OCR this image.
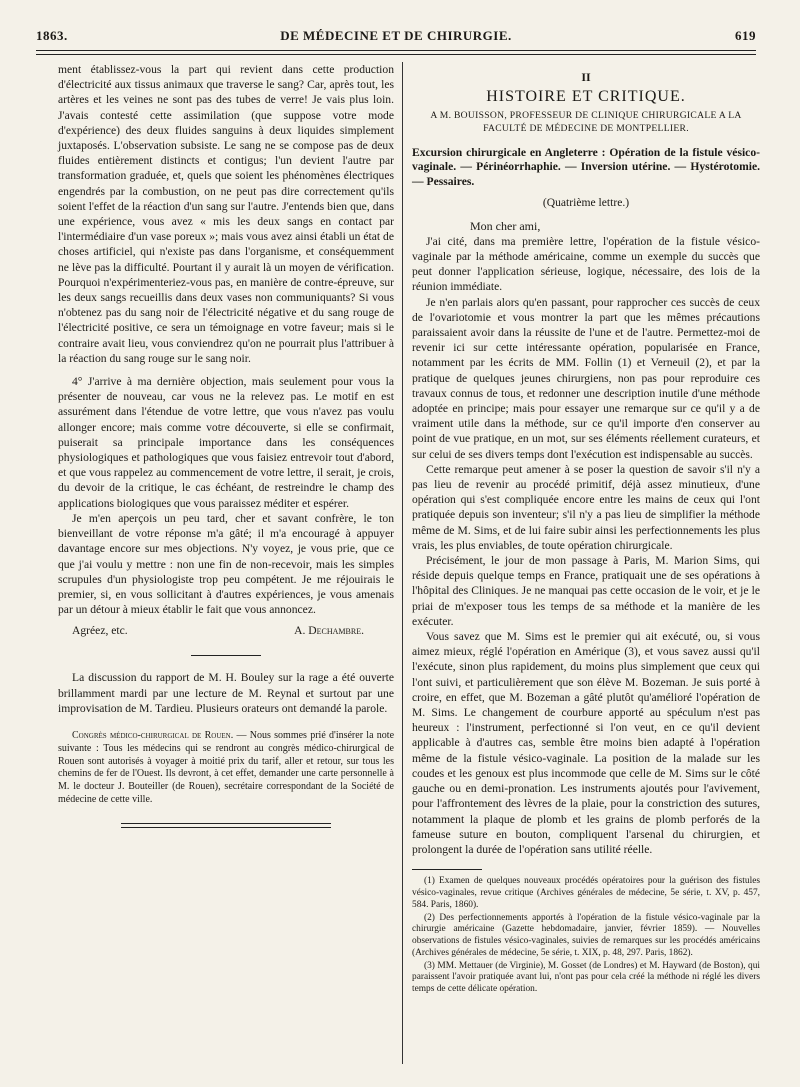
1863.	DE MÉDECINE ET DE CHIRURGIE.	619

ment établissez-vous la part qui revient dans cette production d'électricité aux tissus animaux que traverse le sang? Car, après tout, les artères et les veines ne sont pas des tubes de verre! Je vais plus loin. J'avais contesté cette assimilation (que suppose votre mode d'expérience) des deux fluides sanguins à deux liquides simplement juxtaposés. L'observation subsiste. Le sang ne se compose pas de deux fluides entièrement distincts et contigus; l'un devient l'autre par transformation graduée, et, quels que soient les phénomènes électriques engendrés par la combustion, on ne peut pas dire correctement qu'ils soient l'effet de la réaction d'un sang sur l'autre. J'entends bien que, dans une expérience, vous avez « mis les deux sangs en contact par l'intermédiaire d'un vase poreux »; mais vous avez ainsi établi un état de choses artificiel, qui n'existe pas dans l'organisme, et conséquemment ne lève pas la difficulté. Pourtant il y aurait là un moyen de vérification. Pourquoi n'expérimenteriez-vous pas, en manière de contre-épreuve, sur les deux sangs recueillis dans deux vases non communiquants? Si vous n'obtenez pas du sang noir de l'électricité négative et du sang rouge de l'électricité positive, ce sera un témoignage en votre faveur; mais si le contraire avait lieu, vous conviendrez qu'on ne pourrait plus l'attribuer à la réaction du sang rouge sur le sang noir.

4° J'arrive à ma dernière objection, mais seulement pour vous la présenter de nouveau, car vous ne la relevez pas. Le motif en est assurément dans l'étendue de votre lettre, que vous n'avez pas voulu allonger encore; mais comme votre découverte, si elle se confirmait, puiserait sa principale importance dans les conséquences physiologiques et pathologiques que vous faisiez entrevoir tout d'abord, et que vous rappelez au commencement de votre lettre, il serait, je crois, du devoir de la critique, le cas échéant, de restreindre le champ des applications biologiques que vous paraissez méditer et espérer.

Je m'en aperçois un peu tard, cher et savant confrère, le ton bienveillant de votre réponse m'a gâté; il m'a encouragé à appuyer davantage encore sur mes objections. N'y voyez, je vous prie, que ce que j'ai voulu y mettre : non une fin de non-recevoir, mais les simples scrupules d'un physiologiste trop peu compétent. Je me réjouirais le premier, si, en vous sollicitant à d'autres expériences, je vous amenais par un détour à mieux établir le fait que vous annoncez.

Agréez, etc.	A. Dechambre.

La discussion du rapport de M. H. Bouley sur la rage a été ouverte brillamment mardi par une lecture de M. Reynal et surtout par une improvisation de M. Tardieu. Plusieurs orateurs ont demandé la parole.

Congrès médico-chirurgical de Rouen. — Nous sommes prié d'insérer la note suivante : Tous les médecins qui se rendront au congrès médico-chirurgical de Rouen sont autorisés à voyager à moitié prix du tarif, aller et retour, sur tous les chemins de fer de l'Ouest. Ils devront, à cet effet, demander une carte personnelle à M. le docteur J. Bouteiller (de Rouen), secrétaire correspondant de la Société de médecine de cette ville.

II
HISTOIRE ET CRITIQUE.
A M. BOUISSON, PROFESSEUR DE CLINIQUE CHIRURGICALE A LA FACULTÉ DE MÉDECINE DE MONTPELLIER.
Excursion chirurgicale en Angleterre : Opération de la fistule vésico-vaginale. — Périnéorrhaphie. — Inversion utérine. — Hystérotomie. — Pessaires.
(Quatrième lettre.)
Mon cher ami,

J'ai cité, dans ma première lettre, l'opération de la fistule vésico-vaginale par la méthode américaine, comme un exemple du succès que peut donner l'application sérieuse, logique, nécessaire, des lois de la réunion immédiate.

Je n'en parlais alors qu'en passant, pour rapprocher ces succès de ceux de l'ovariotomie et vous montrer la part que les mêmes précautions paraissaient avoir dans la réussite de l'une et de l'autre. Permettez-moi de revenir ici sur cette intéressante opération, popularisée en France, notamment par les écrits de MM. Follin (1) et Verneuil (2), et par la pratique de quelques jeunes chirurgiens, non pas pour reproduire ces travaux connus de tous, et redonner une description inutile d'une méthode adoptée en principe; mais pour essayer une remarque sur ce qu'il y a de vraiment utile dans la méthode, sur ce qu'il importe d'en conserver au point de vue pratique, en un mot, sur ses éléments réellement curateurs, et sur celui de ses divers temps dont l'exécution est indispensable au succès.

Cette remarque peut amener à se poser la question de savoir s'il n'y a pas lieu de revenir au procédé primitif, déjà assez minutieux, d'une opération qui s'est compliquée encore entre les mains de ceux qui l'ont pratiquée depuis son inventeur; s'il n'y a pas lieu de simplifier la méthode même de M. Sims, et de lui faire subir ainsi les perfectionnements les plus vrais, les plus enviables, de toute opération chirurgicale.

Précisément, le jour de mon passage à Paris, M. Marion Sims, qui réside depuis quelque temps en France, pratiquait une de ses opérations à l'hôpital des Cliniques. Je ne manquai pas cette occasion de le voir, et je le priai de m'exposer tous les temps de sa méthode et la manière de les exécuter.

Vous savez que M. Sims est le premier qui ait exécuté, ou, si vous aimez mieux, réglé l'opération en Amérique (3), et vous savez aussi qu'il l'exécute, sinon plus rapidement, du moins plus simplement que ceux qui l'ont suivi, et particulièrement que son élève M. Bozeman. Je suis porté à croire, en effet, que M. Bozeman a gâté plutôt qu'amélioré l'opération de M. Sims. Le changement de courbure apporté au spéculum n'est pas heureux : l'instrument, perfectionné si l'on veut, en ce qu'il devient applicable à d'autres cas, semble être moins bien adapté à l'opération même de la fistule vésico-vaginale. La position de la malade sur les coudes et les genoux est plus incommode que celle de M. Sims sur le côté gauche ou en demi-pronation. Les instruments ajoutés pour l'avivement, pour l'affrontement des lèvres de la plaie, pour la constriction des sutures, notamment la plaque de plomb et les grains de plomb perforés de la fameuse suture en bouton, compliquent l'arsenal du chirurgien, et prolongent la durée de l'opération sans utilité réelle.

(1) Examen de quelques nouveaux procédés opératoires pour la guérison des fistules vésico-vaginales, revue critique (Archives générales de médecine, 5e série, t. XV, p. 457, 584. Paris, 1860).

(2) Des perfectionnements apportés à l'opération de la fistule vésico-vaginale par la chirurgie américaine (Gazette hebdomadaire, janvier, février 1859). — Nouvelles observations de fistules vésico-vaginales, suivies de remarques sur les procédés américains (Archives générales de médecine, 5e série, t. XIX, p. 48, 297. Paris, 1862).

(3) MM. Mettauer (de Virginie), M. Gosset (de Londres) et M. Hayward (de Boston), qui paraissent l'avoir pratiquée avant lui, n'ont pas pour cela créé la méthode ni réglé les divers temps de cette délicate opération.
